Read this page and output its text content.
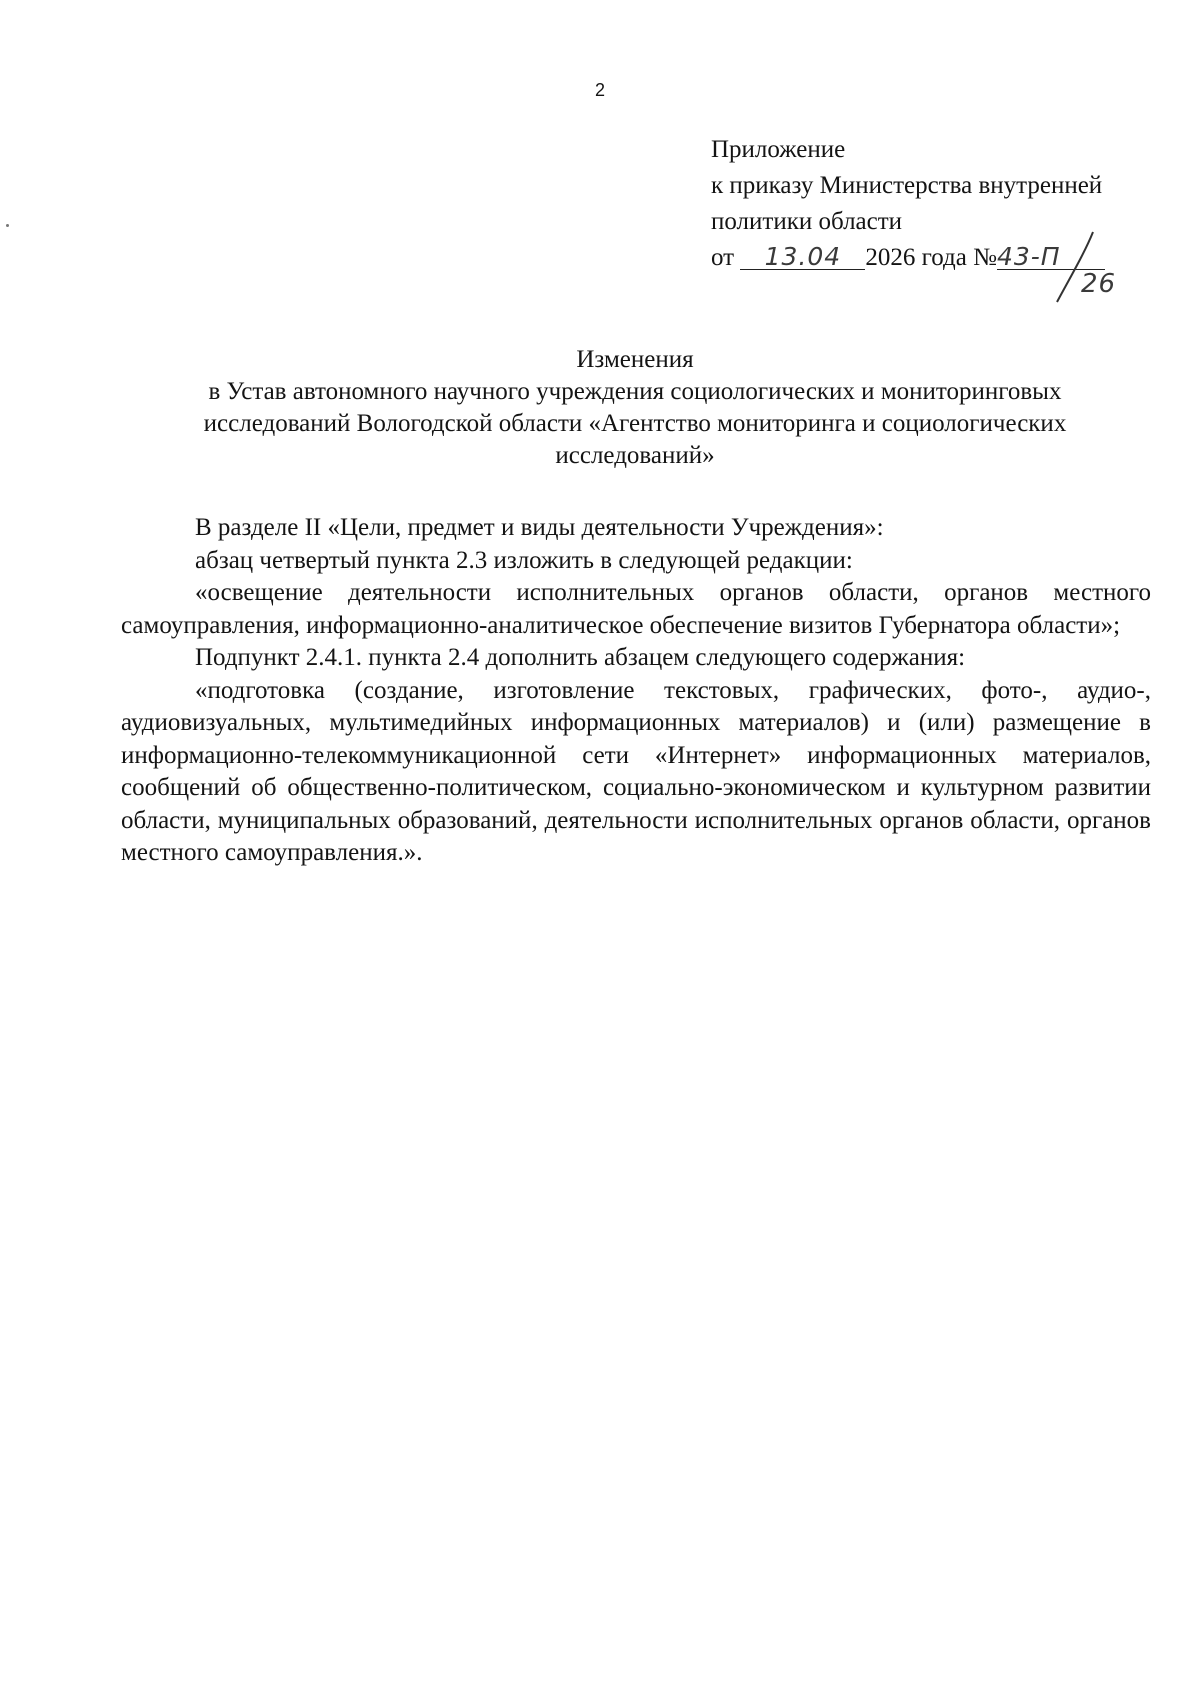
2
Приложение
к приказу Министерства внутренней
политики области
от 13.04 2026 года №43-П
26
Изменения
в Устав автономного научного учреждения социологических и мониторинговых
исследований Вологодской области «Агентство мониторинга и социологических
исследований»

В разделе II «Цели, предмет и виды деятельности Учреждения»:

абзац четвертый пункта 2.3 изложить в следующей редакции:

«освещение деятельности исполнительных органов области, органов местного самоуправления, информационно-аналитическое обеспечение визитов Губернатора области»;

Подпункт 2.4.1. пункта 2.4 дополнить абзацем следующего содержания:

«подготовка (создание, изготовление текстовых, графических, фото-, аудио-, аудиовизуальных, мультимедийных информационных материалов) и (или) размещение в информационно-телекоммуникационной сети «Интернет» информационных материалов, сообщений об общественно-политическом, социально-экономическом и культурном развитии области, муниципальных образований, деятельности исполнительных органов области, органов местного самоуправления.».
